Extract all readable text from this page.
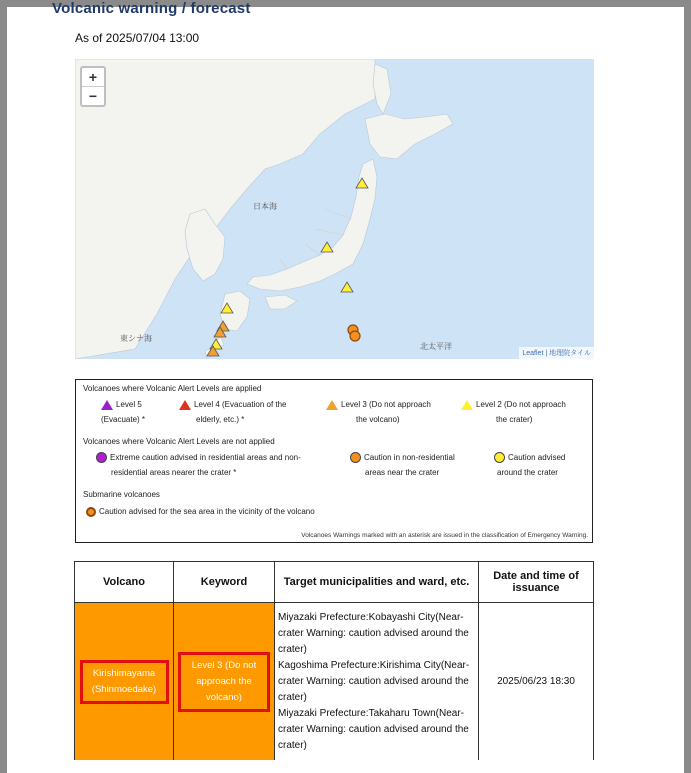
Volcanic warning / forecast
As of 2025/07/04 13:00
日本海
北太平洋
東シナ海
+
−
Leaflet | 地理院タイル
Volcanoes where Volcanic Alert Levels are applied
Level 5
(Evacuate) *
Level 4 (Evacuation of the
elderly, etc.) *
Level 3 (Do not approach
the volcano)
Level 2 (Do not approach
the crater)
Volcanoes where Volcanic Alert Levels are not applied
Extreme caution advised in residential areas and non-
residential areas nearer the crater *
Caution in non-residential
areas near the crater
Caution advised
around the crater
Submarine volcanoes
Caution advised for the sea area in the vicinity of the volcano
Volcanoes Warnings marked with an asterisk are issued in the classification of Emergency Warning.
Volcano	Keyword	Target municipalities and ward, etc.	Date and time of issuance
Kirishimayama (Shinmoedake)	Level 3 (Do not approach the volcano)	Miyazaki Prefecture:Kobayashi City(Near-crater Warning: caution advised around the crater)
Kagoshima Prefecture:Kirishima City(Near-crater Warning: caution advised around the crater)
Miyazaki Prefecture:Takaharu Town(Near-crater Warning: caution advised around the crater)	2025/06/23 18:30
